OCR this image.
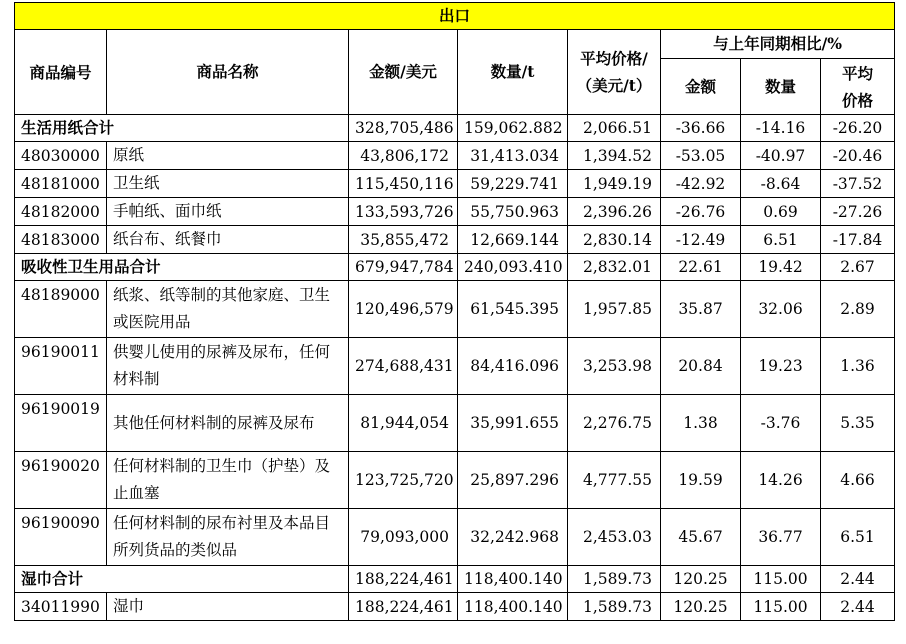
出口							
商品编号	商品名称	金额/美元	数量/t	平均价格/（美元/t）	与上年同期相比/%		
					金额	数量	平均价格
生活用纸合计		328,705,486	159,062.882	2,066.51	-36.66	-14.16	-26.20
48030000	原纸	43,806,172	31,413.034	1,394.52	-53.05	-40.97	-20.46
48181000	卫生纸	115,450,116	59,229.741	1,949.19	-42.92	-8.64	-37.52
48182000	手帕纸、面巾纸	133,593,726	55,750.963	2,396.26	-26.76	0.69	-27.26
48183000	纸台布、纸餐巾	35,855,472	12,669.144	2,830.14	-12.49	6.51	-17.84
吸收性卫生用品合计		679,947,784	240,093.410	2,832.01	22.61	19.42	2.67
48189000	纸浆、纸等制的其他家庭、卫生或医院用品	120,496,579	61,545.395	1,957.85	35.87	32.06	2.89
96190011	供婴儿使用的尿裤及尿布，任何材料制	274,688,431	84,416.096	3,253.98	20.84	19.23	1.36
96190019	其他任何材料制的尿裤及尿布	81,944,054	35,991.655	2,276.75	1.38	-3.76	5.35
96190020	任何材料制的卫生巾（护垫）及止血塞	123,725,720	25,897.296	4,777.55	19.59	14.26	4.66
96190090	任何材料制的尿布衬里及本品目所列货品的类似品	79,093,000	32,242.968	2,453.03	45.67	36.77	6.51
湿巾合计		188,224,461	118,400.140	1,589.73	120.25	115.00	2.44
34011990	湿巾	188,224,461	118,400.140	1,589.73	120.25	115.00	2.44
